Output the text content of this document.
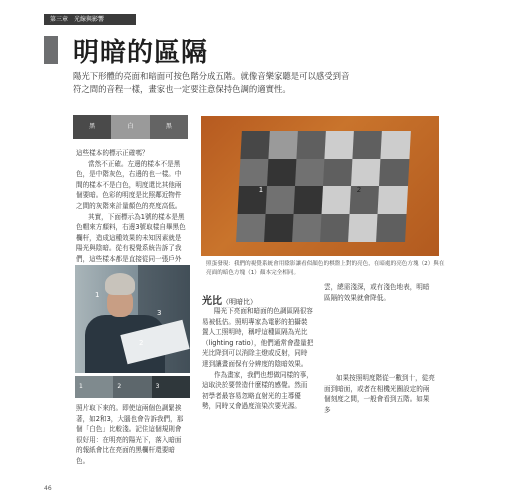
第三章　光線與影響
明暗的區隔
陽光下形體的亮面和暗面可按色階分成五階。就像音樂家聽是可以感受到音符之間的音程一樣，畫家也一定要注意保持色調的適實性。
黑	白	黑

這些樣本的標示正確嗎？

當然不正確。左邊的樣本不是黑色，是中階灰色，右邊的也一樣。中間的樣本不是白色，明度還比其他兩個要暗。色彩的明度是比照鄰近物件之間的灰階來計量顏色的亮度高低。

其實，下面標示為1號的樣本是黑色帽來方顏料，右邊3號取樣自畢黑色欄杆，造成這種效果的未知因素就是陽光與陰暗。從有視覺系統告訴了我們，這些樣本都是直接從同一張戶外

1	2
照蛋發現：我們的視覺系統會用陰影讓看似顏色的棋盤上對的亮色，在暗處的亮色方塊（2）與在亮面的暗色方塊（1）顏本完全相同。
1
2
3
1	2	3

照片取下來的。即使這兩個色調緊挨著，如2和3，大腦也會告訴我們，那個「白色」比較淺。記住這個規則會很好用：在明亮的陽光下，落入暗面的報紙會比在亮面的黑欄杆還要暗色。

光比（明暗比）

陽光下亮面和暗面的色調區隔很容易被低估。照明專家為電影的拍攝裝置人工照明時，稱呼這種區隔為光比（lighting ratio），他們通常會盡量把光比降到可以消除主燈或反射，同時達到讓畫面保有分辨度的陰暗效果。

作為畫家，我們也想做同樣的事，這取決於要營造什麼樣的感覺。然而初學者最容易忽略直射光的主導優勢，同時又會過度渲染次要光源。

雲，總需淺深，或有淺色地表，明暗區隔的效果就會降低。

如果按照明度階從一數到十，從亮面到暗面，或者在相機光圈設定的兩個刻度之間，一般會看到五階。如果多

46
